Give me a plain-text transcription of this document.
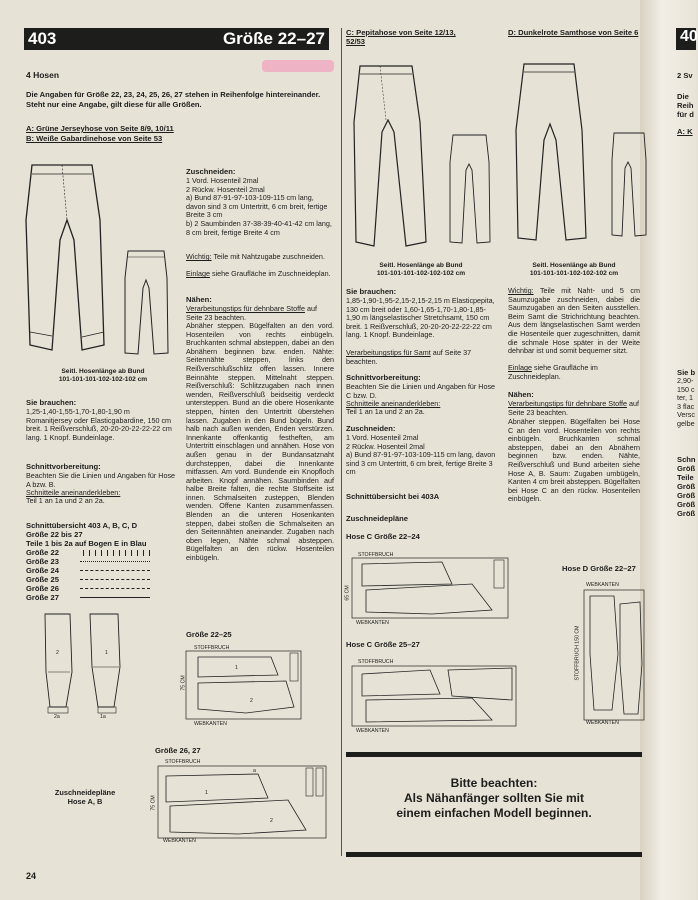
403	Größe 22–27

4 Hosen

Die Angaben für Größe 22, 23, 24, 25, 26, 27 stehen in Reihenfolge hintereinander. Steht nur eine Angabe, gilt diese für alle Größen.

A: Grüne Jerseyhose von Seite 8/9, 10/11

B: Weiße Gabardinehose von Seite 53

Seitl. Hosenlänge ab Bund

101-101-101-102-102-102 cm

Sie brauchen:

1,25-1,40-1,55-1,70-1,80-1,90 m Romanitjersey oder Elasticgabardine, 150 cm breit. 1 Reißverschluß, 20-20-20-22-22-22 cm lang. 1 Knopf. Bundeinlage.

Schnittvorbereitung:

Beachten Sie die Linien und Angaben für Hose A bzw. B.

Schnitteile aneinanderkleben:

Teil 1 an 1a und 2 an 2a.

Schnittübersicht 403 A, B, C, D

Größe 22 bis 27

Teile 1 bis 2a auf Bogen E in Blau

Größe 22
Größe 23
Größe 24
Größe 25
Größe 26
Größe 27
2	1
2a	1a

Zuschneidepläne

Hose A, B

Zuschneiden:

1 Vord. Hosenteil 2mal

2 Rückw. Hosenteil 2mal

a) Bund 87-91-97-103-109-115 cm lang, davon sind 3 cm Untertritt, 6 cm breit, fertige Breite 3 cm

b) 2 Saumbinden 37-38-39-40-41-42 cm lang, 8 cm breit, fertige Breite 4 cm

Wichtig: Teile mit Nahtzugabe zuschneiden.

Einlage siehe Graufläche im Zuschneideplan.

Nähen:

Verarbeitungstips für dehnbare Stoffe auf Seite 23 beachten.

Abnäher steppen. Bügelfalten an den vord. Hosenteilen von rechts einbügeln. Bruchkanten schmal absteppen, dabei an den Abnähern beginnen bzw. enden. Nähte: Seitennähte steppen, links den Reißverschlußschlitz offen lassen. Innere Beinnähte steppen. Mittelnaht steppen. Reißverschluß: Schlitzzugaben nach innen wenden, Reißverschluß beidseitig verdeckt untersteppen. Bund an die obere Hosenkante steppen, hinten den Untertritt überstehen lassen. Zugaben in den Bund bügeln. Bund halb nach außen wenden, Enden verstürzen. Innenkante offenkantig festheften, am Untertritt einschlagen und annähen. Hose von außen genau in der Bundansatznaht durchsteppen, dabei die Innenkante mitfassen. Am vord. Bundende ein Knopfloch arbeiten. Knopf annähen. Saumbinden auf halbe Breite falten, die rechte Stoffseite ist innen. Schmalseiten zusteppen, Blenden wenden. Offene Kanten zusammenfassen. Blenden an die unteren Hosenkanten steppen, dabei stoßen die Schmalseiten an den Seitennähten aneinander. Zugaben nach oben legen, Nähte schmal absteppen. Bügelfalten an den rückw. Hosenteilen einbügeln.

Größe 22–25

STOFFBRUCH
WEBKANTEN
75 CM
1
2

Größe 26, 27

STOFFBRUCH
WEBKANTEN
75 CM
1
2
a

C: Pepitahose von Seite 12/13, 52/53

D: Dunkelrote Samthose von Seite 6

Seitl. Hosenlänge ab Bund

101-101-101-102-102-102 cm

Seitl. Hosenlänge ab Bund

101-101-101-102-102-102 cm

Sie brauchen:

1,85-1,90-1,95-2,15-2,15-2,15 m Elasticpepita, 130 cm breit oder 1,60-1,65-1,70-1,80-1,85-1,90 m längselastischer Stretchsamt, 150 cm breit. 1 Reißverschluß, 20-20-20-22-22-22 cm lang. 1 Knopf. Bundeinlage.

Verarbeitungstips für Samt auf Seite 37 beachten.

Schnittvorbereitung:

Beachten Sie die Linien und Angaben für Hose C bzw. D.

Schnitteile aneinanderkleben:

Teil 1 an 1a und 2 an 2a.

Zuschneiden:

1 Vord. Hosenteil 2mal

2 Rückw. Hosenteil 2mal

a) Bund 87-91-97-103-109-115 cm lang, davon sind 3 cm Untertritt, 6 cm breit, fertige Breite 3 cm

Schnittübersicht bei 403A

Zuschneidepläne

Hose C Größe 22–24

STOFFBRUCH
WEBKANTEN
65 CM

Hose C Größe 25–27

STOFFBRUCH
WEBKANTEN

Hose D Größe 22–27

WEBKANTEN
WEBKANTEN
STOFFBRUCH 150 CM

Wichtig: Teile mit Naht- und 5 cm Saumzugabe zuschneiden, dabei die Saumzugaben an den Seiten ausstellen. Beim Samt die Strichrichtung beachten. Aus dem längselastischen Samt werden die Hosenteile quer zugeschnitten, damit die schmale Hose später in der Weite dehnbar ist und somit bequemer sitzt.

Einlage siehe Graufläche im Zuschneideplan.

Nähen:

Verarbeitungstips für dehnbare Stoffe auf Seite 23 beachten.

Abnäher steppen. Bügelfalten bei Hose C an den vord. Hosenteilen von rechts einbügeln. Bruchkanten schmal absteppen, dabei an den Abnähern beginnen bzw. enden. Nähte, Reißverschluß und Bund arbeiten siehe Hose A, B. Saum: Zugaben umbügeln, Kanten 4 cm breit absteppen. Bügelfalten bei Hose C an den rückw. Hosenteilen einbügeln.

Bitte beachten:

Als Nähanfänger sollten Sie mit

einem einfachen Modell beginnen.

40

2 Sv

Die

Reih

für d

A: K

Sie b

2,90-

150 c

ter, 1

3 flac

Versc

gelbe

Schn

Größ

Teile

Größ

Größ

Größ

Größ

24
